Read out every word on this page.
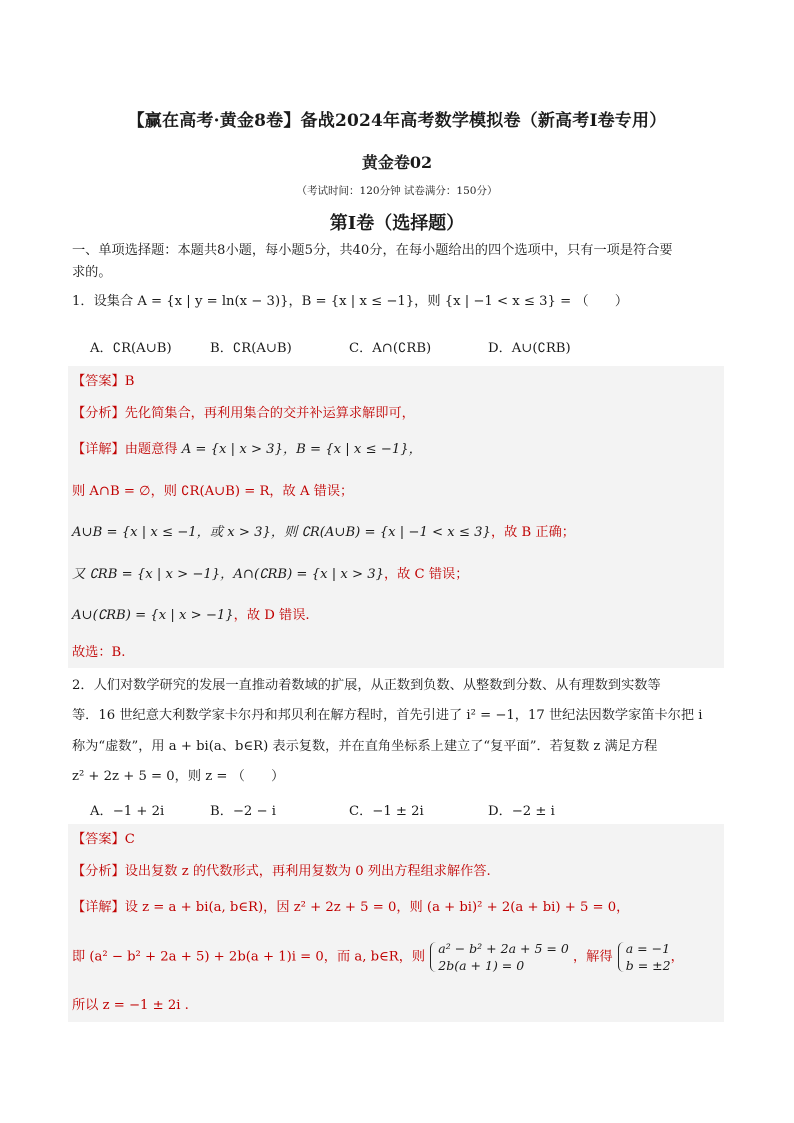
【赢在高考·黄金8卷】备战2024年高考数学模拟卷（新高考Ⅰ卷专用）
黄金卷02
（考试时间：120分钟 试卷满分：150分）
第Ⅰ卷（选择题）
一、单项选择题：本题共8小题，每小题5分，共40分，在每小题给出的四个选项中，只有一项是符合要
求的。
1．设集合 A = {x | y = ln(x − 3)}，B = {x | x ≤ −1}，则 {x | −1 < x ≤ 3} = （　　）
A．∁R(A∪B)	B．∁R(A∪B)	C．A∩(∁RB)	D．A∪(∁RB)
【答案】B
【分析】先化简集合，再利用集合的交并补运算求解即可，
【详解】由题意得 A = {x | x > 3}，B = {x | x ≤ −1}，
则 A∩B = ∅，则 ∁R(A∪B) = R，故 A 错误；
A∪B = {x | x ≤ −1，或 x > 3}，则 ∁R(A∪B) = {x | −1 < x ≤ 3}，故 B 正确；
又 ∁RB = {x | x > −1}，A∩(∁RB) = {x | x > 3}，故 C 错误；
A∪(∁RB) = {x | x > −1}，故 D 错误.
故选：B.
2．人们对数学研究的发展一直推动着数域的扩展，从正数到负数、从整数到分数、从有理数到实数等
等．16 世纪意大利数学家卡尔丹和邦贝利在解方程时，首先引进了 i² = −1，17 世纪法因数学家笛卡尔把 i
称为“虚数”，用 a + bi(a、b∈R) 表示复数，并在直角坐标系上建立了“复平面”．若复数 z 满足方程
z² + 2z + 5 = 0，则 z = （　　）
A．−1 + 2i	B．−2 − i	C．−1 ± 2i	D．−2 ± i
【答案】C
【分析】设出复数 z 的代数形式，再利用复数为 0 列出方程组求解作答.
【详解】设 z = a + bi(a, b∈R)，因 z² + 2z + 5 = 0，则 (a + bi)² + 2(a + bi) + 5 = 0，
即 (a² − b² + 2a + 5) + 2b(a + 1)i = 0，而 a, b∈R，则
a² − b² + 2a + 5 = 0
2b(a + 1) = 0
，解得
a = −1
b = ±2
，
所以 z = −1 ± 2i .
